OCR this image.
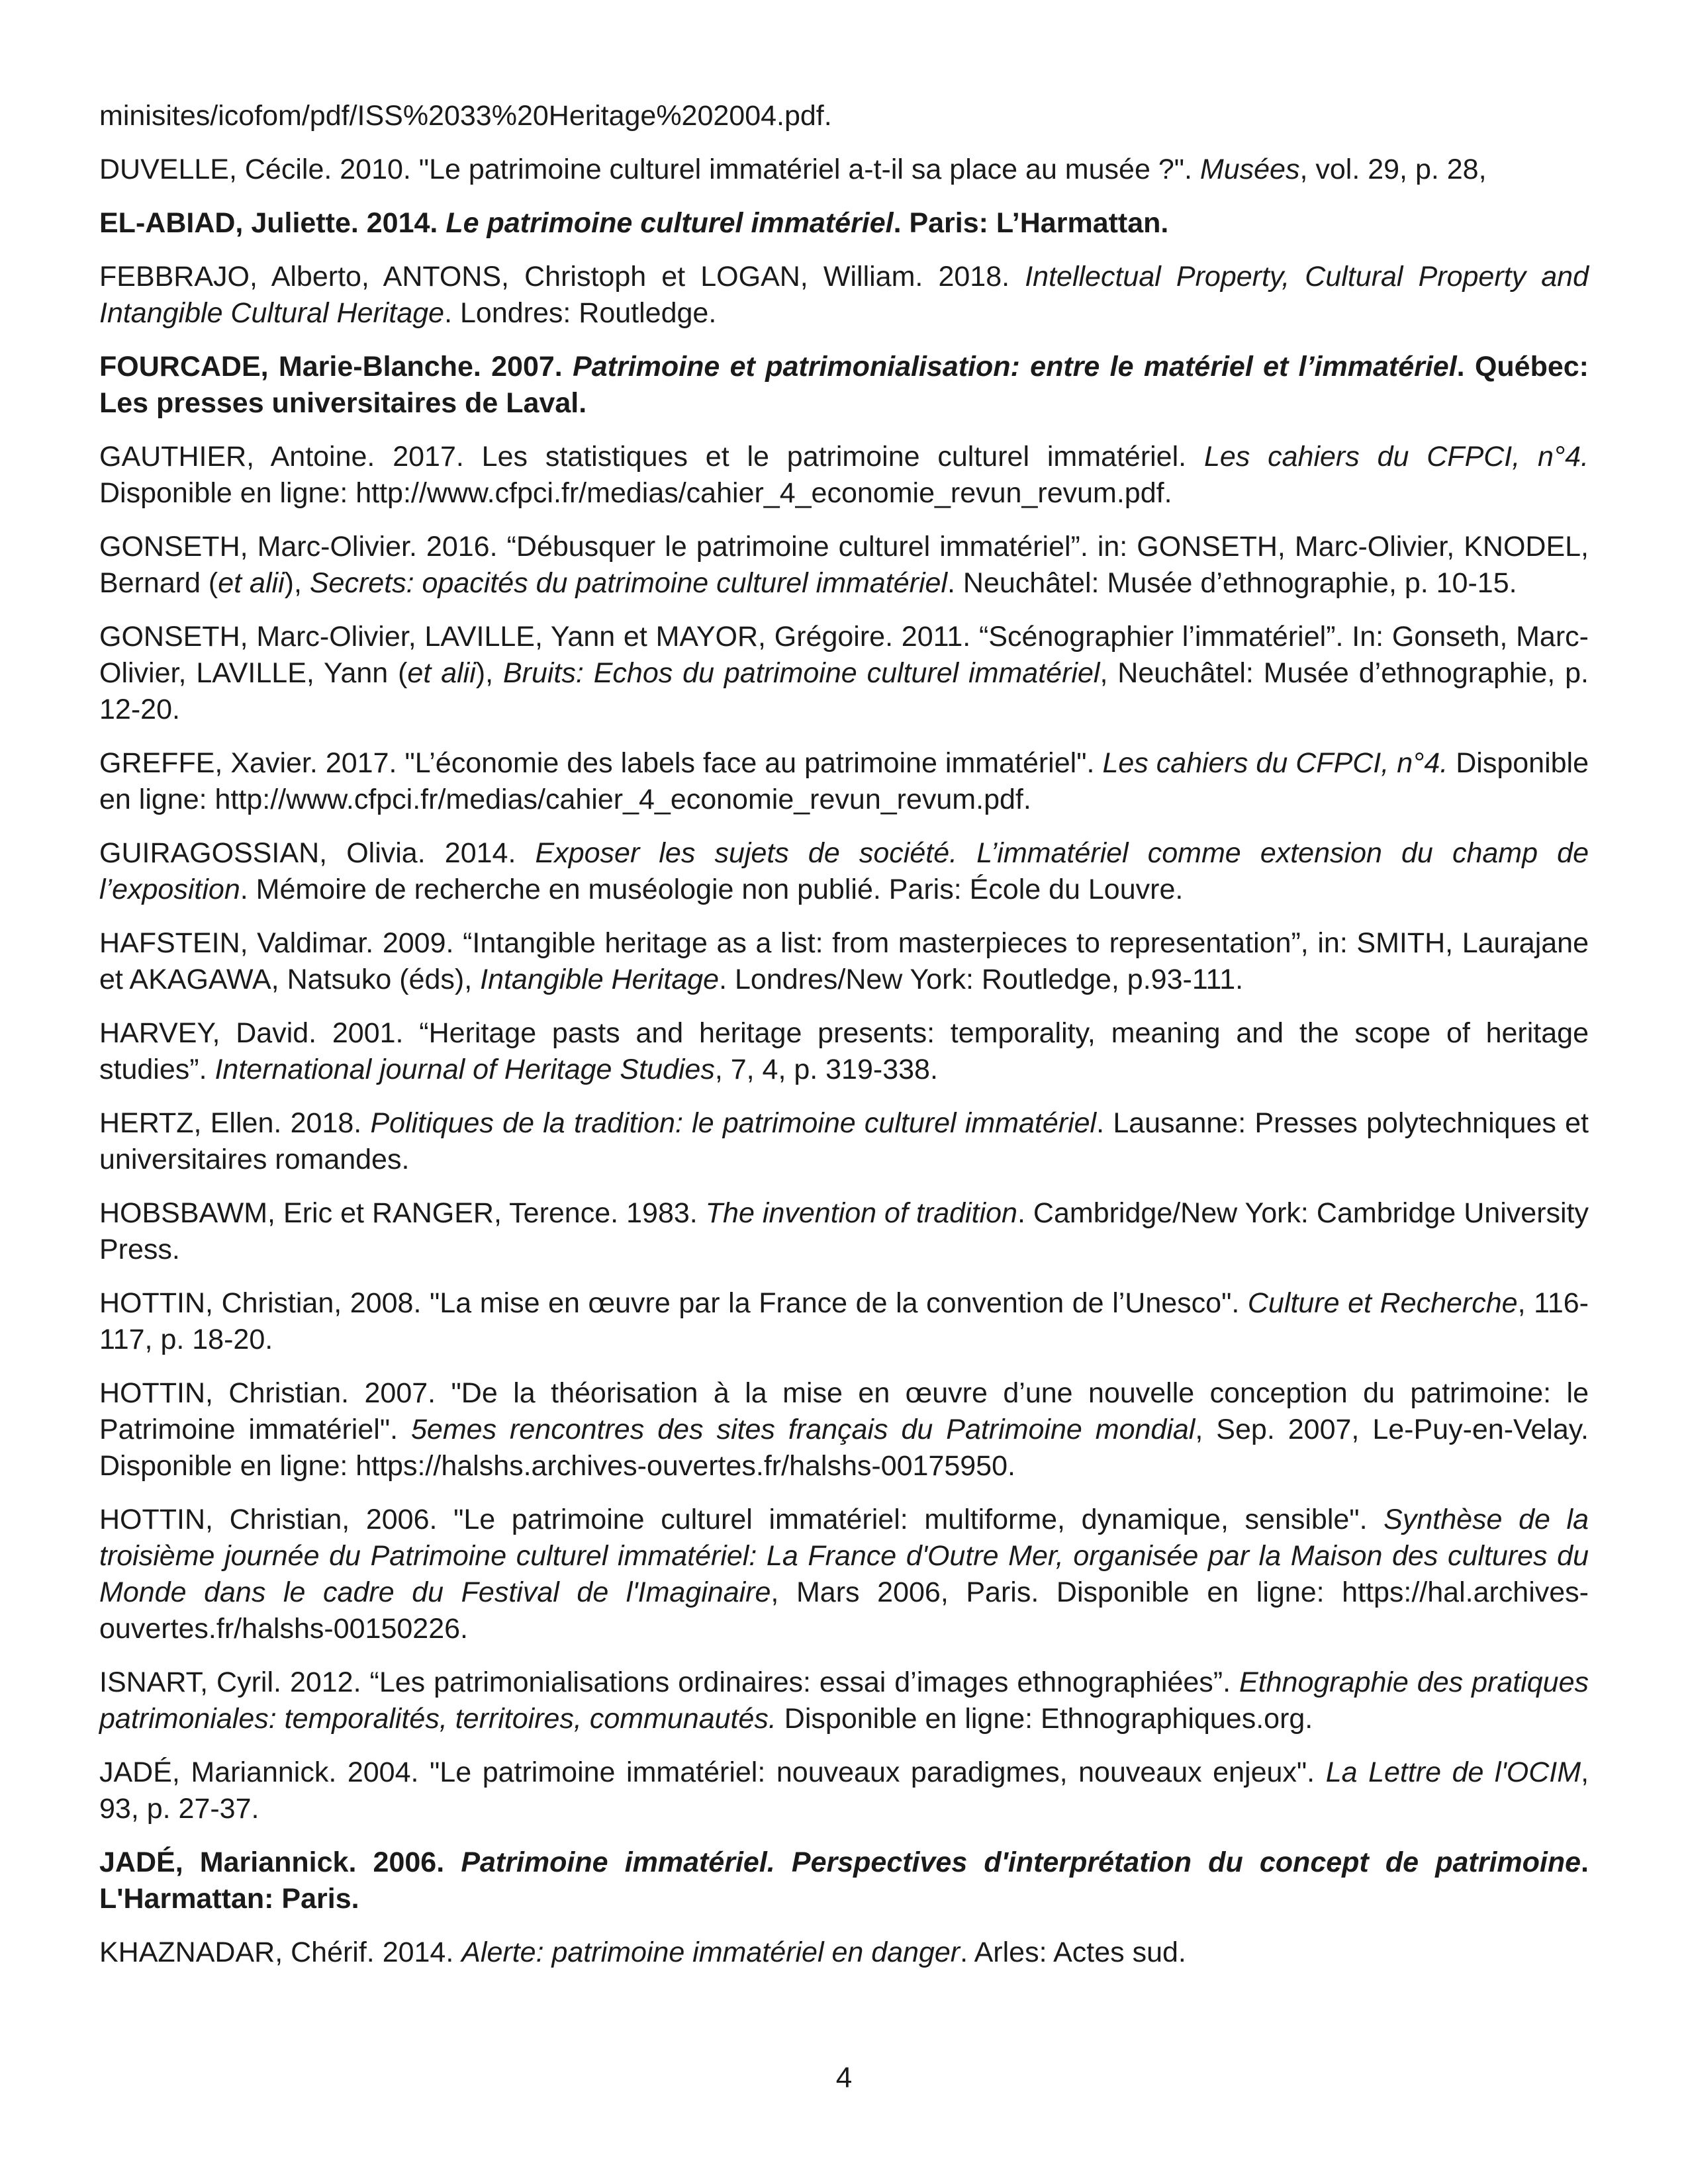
minisites/icofom/pdf/ISS%2033%20Heritage%202004.pdf.

DUVELLE, Cécile. 2010. "Le patrimoine culturel immatériel a-t-il sa place au musée ?". Musées, vol. 29, p. 28,

EL-ABIAD, Juliette. 2014. Le patrimoine culturel immatériel. Paris: L’Harmattan.

FEBBRAJO, Alberto, ANTONS, Christoph et LOGAN, William. 2018. Intellectual Property, Cultural Property and Intangible Cultural Heritage. Londres: Routledge.

FOURCADE, Marie-Blanche. 2007. Patrimoine et patrimonialisation: entre le matériel et l’immatériel. Québec: Les presses universitaires de Laval.

GAUTHIER, Antoine. 2017. Les statistiques et le patrimoine culturel immatériel. Les cahiers du CFPCI, n°4. Disponible en ligne: http://www.cfpci.fr/medias/cahier_4_economie_revun_revum.pdf.

GONSETH, Marc-Olivier. 2016. “Débusquer le patrimoine culturel immatériel”. in: GONSETH, Marc-Olivier, KNODEL, Bernard (et alii), Secrets: opacités du patrimoine culturel immatériel. Neuchâtel: Musée d’ethnographie, p. 10-15.

GONSETH, Marc-Olivier, LAVILLE, Yann et MAYOR, Grégoire. 2011. “Scénographier l’immatériel”. In: Gonseth, Marc-Olivier, LAVILLE, Yann (et alii), Bruits: Echos du patrimoine culturel immatériel, Neuchâtel: Musée d’ethnographie, p. 12-20.

GREFFE, Xavier. 2017. "L’économie des labels face au patrimoine immatériel". Les cahiers du CFPCI, n°4. Disponible en ligne: http://www.cfpci.fr/medias/cahier_4_economie_revun_revum.pdf.

GUIRAGOSSIAN, Olivia. 2014. Exposer les sujets de société. L’immatériel comme extension du champ de l’exposition. Mémoire de recherche en muséologie non publié. Paris: École du Louvre.

HAFSTEIN, Valdimar. 2009. “Intangible heritage as a list: from masterpieces to representation”, in: SMITH, Laurajane et AKAGAWA, Natsuko (éds), Intangible Heritage. Londres/New York: Routledge, p.93-111.

HARVEY, David. 2001. “Heritage pasts and heritage presents: temporality, meaning and the scope of heritage studies”. International journal of Heritage Studies, 7, 4, p. 319-338.

HERTZ, Ellen. 2018. Politiques de la tradition: le patrimoine culturel immatériel. Lausanne: Presses polytechniques et universitaires romandes.

HOBSBAWM, Eric et RANGER, Terence. 1983. The invention of tradition. Cambridge/New York: Cambridge University Press.

HOTTIN, Christian, 2008. "La mise en œuvre par la France de la convention de l’Unesco". Culture et Recherche, 116-117, p. 18-20.

HOTTIN, Christian. 2007. "De la théorisation à la mise en œuvre d’une nouvelle conception du patrimoine: le Patrimoine immatériel". 5emes rencontres des sites français du Patrimoine mondial, Sep. 2007, Le-Puy-en-Velay. Disponible en ligne: https://halshs.archives-ouvertes.fr/halshs-00175950.

HOTTIN, Christian, 2006. "Le patrimoine culturel immatériel: multiforme, dynamique, sensible". Synthèse de la troisième journée du Patrimoine culturel immatériel: La France d'Outre Mer, organisée par la Maison des cultures du Monde dans le cadre du Festival de l'Imaginaire, Mars 2006, Paris. Disponible en ligne: https://hal.archives-ouvertes.fr/halshs-00150226.

ISNART, Cyril. 2012. “Les patrimonialisations ordinaires: essai d’images ethnographiées”. Ethnographie des pratiques patrimoniales: temporalités, territoires, communautés. Disponible en ligne: Ethnographiques.org.

JADÉ, Mariannick. 2004. "Le patrimoine immatériel: nouveaux paradigmes, nouveaux enjeux". La Lettre de l'OCIM, 93, p. 27-37.

JADÉ, Mariannick. 2006. Patrimoine immatériel. Perspectives d'interprétation du concept de patrimoine. L'Harmattan: Paris.

KHAZNADAR, Chérif. 2014. Alerte: patrimoine immatériel en danger. Arles: Actes sud.

4
